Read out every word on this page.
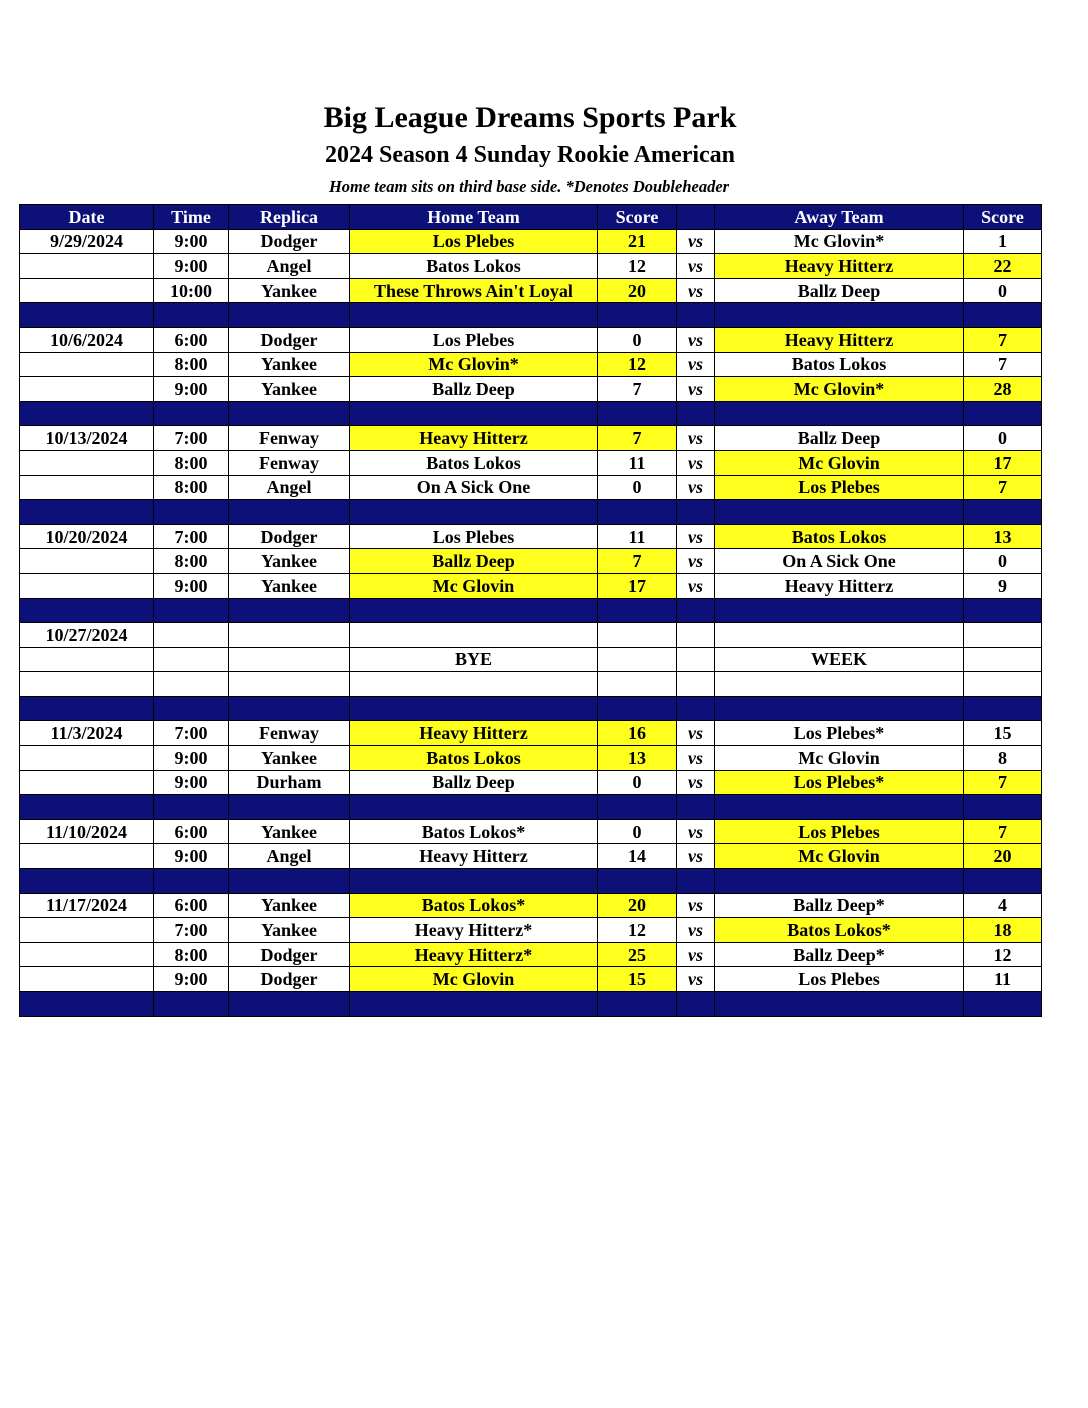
Big League Dreams Sports Park
2024 Season 4 Sunday Rookie American
Home team sits on third base side. *Denotes Doubleheader
Date	Time	Replica	Home Team	Score		Away Team	Score
9/29/2024	9:00	Dodger	Los Plebes	21	vs	Mc Glovin*	1
	9:00	Angel	Batos Lokos	12	vs	Heavy Hitterz	22
	10:00	Yankee	These Throws Ain't Loyal	20	vs	Ballz Deep	0

10/6/2024	6:00	Dodger	Los Plebes	0	vs	Heavy Hitterz	7
	8:00	Yankee	Mc Glovin*	12	vs	Batos Lokos	7
	9:00	Yankee	Ballz Deep	7	vs	Mc Glovin*	28

10/13/2024	7:00	Fenway	Heavy Hitterz	7	vs	Ballz Deep	0
	8:00	Fenway	Batos Lokos	11	vs	Mc Glovin	17
	8:00	Angel	On A Sick One	0	vs	Los Plebes	7

10/20/2024	7:00	Dodger	Los Plebes	11	vs	Batos Lokos	13
	8:00	Yankee	Ballz Deep	7	vs	On A Sick One	0
	9:00	Yankee	Mc Glovin	17	vs	Heavy Hitterz	9

10/27/2024							
			BYE			WEEK	

11/3/2024	7:00	Fenway	Heavy Hitterz	16	vs	Los Plebes*	15
	9:00	Yankee	Batos Lokos	13	vs	Mc Glovin	8
	9:00	Durham	Ballz Deep	0	vs	Los Plebes*	7

11/10/2024	6:00	Yankee	Batos Lokos*	0	vs	Los Plebes	7
	9:00	Angel	Heavy Hitterz	14	vs	Mc Glovin	20

11/17/2024	6:00	Yankee	Batos Lokos*	20	vs	Ballz Deep*	4
	7:00	Yankee	Heavy Hitterz*	12	vs	Batos Lokos*	18
	8:00	Dodger	Heavy Hitterz*	25	vs	Ballz Deep*	12
	9:00	Dodger	Mc Glovin	15	vs	Los Plebes	11
